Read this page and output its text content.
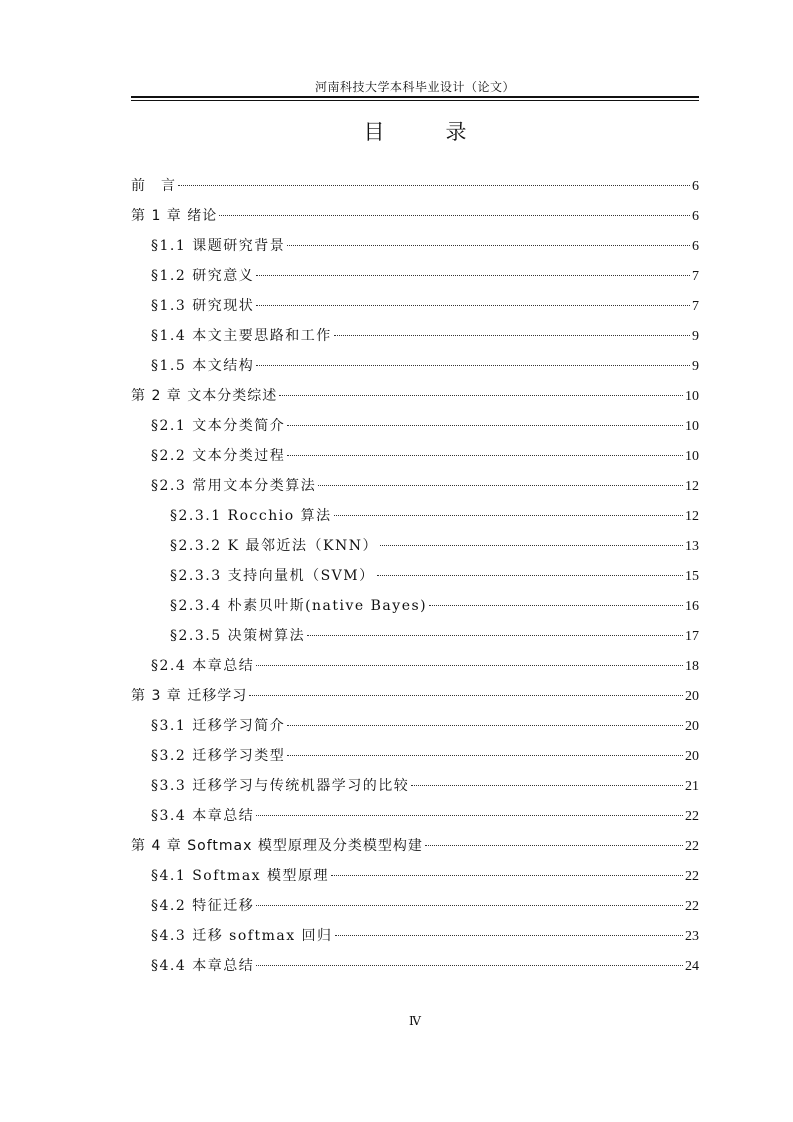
河南科技大学本科毕业设计（论文）
目　录
前　言	6
第 1 章 绪论	6
§1.1 课题研究背景	6
§1.2 研究意义	7
§1.3 研究现状	7
§1.4 本文主要思路和工作	9
§1.5 本文结构	9
第 2 章 文本分类综述	10
§2.1 文本分类简介	10
§2.2 文本分类过程	10
§2.3 常用文本分类算法	12
§2.3.1 Rocchio 算法	12
§2.3.2 K 最邻近法（KNN）	13
§2.3.3 支持向量机（SVM）	15
§2.3.4 朴素贝叶斯(native Bayes)	16
§2.3.5 决策树算法	17
§2.4 本章总结	18
第 3 章 迁移学习	20
§3.1 迁移学习简介	20
§3.2 迁移学习类型	20
§3.3 迁移学习与传统机器学习的比较	21
§3.4 本章总结	22
第 4 章 Softmax 模型原理及分类模型构建	22
§4.1 Softmax 模型原理	22
§4.2 特征迁移	22
§4.3 迁移 softmax 回归	23
§4.4 本章总结	24
Ⅳ
